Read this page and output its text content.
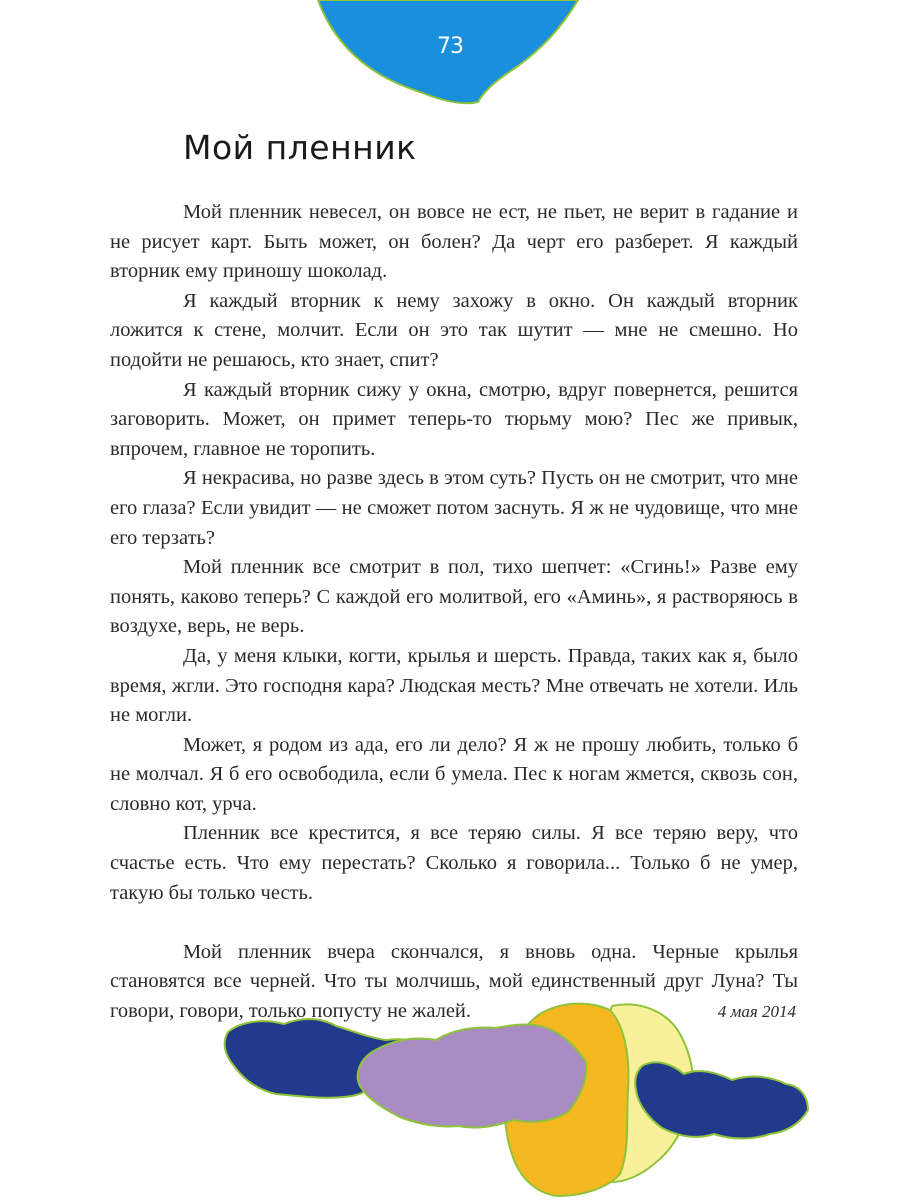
73
Мой пленник

Мой пленник невесел, он вовсе не ест, не пьет, не верит в гадание и не рисует карт. Быть может, он болен? Да черт его разберет. Я каждый вторник ему приношу шоколад.

Я каждый вторник к нему захожу в окно. Он каждый вторник ложится к стене, молчит. Если он это так шутит — мне не смешно. Но подойти не решаюсь, кто знает, спит?

Я каждый вторник сижу у окна, смотрю, вдруг повернется, решится заговорить. Может, он примет теперь-то тюрьму мою? Пес же привык, впрочем, главное не торопить.

Я некрасива, но разве здесь в этом суть? Пусть он не смотрит, что мне его глаза? Если увидит — не сможет потом заснуть. Я ж не чудовище, что мне его терзать?

Мой пленник все смотрит в пол, тихо шепчет: «Сгинь!» Разве ему понять, каково теперь? С каждой его молитвой, его «Аминь», я растворяюсь в воздухе, верь, не верь.

Да, у меня клыки, когти, крылья и шерсть. Правда, таких как я, было время, жгли. Это господня кара? Людская месть? Мне отвечать не хотели. Иль не могли.

Может, я родом из ада, его ли дело? Я ж не прошу любить, только б не молчал. Я б его освободила, если б умела. Пес к ногам жмется, сквозь сон, словно кот, урча.

Пленник все крестится, я все теряю силы. Я все теряю веру, что счастье есть. Что ему перестать? Сколько я говорила... Только б не умер, такую бы только честь.

Мой пленник вчера скончался, я вновь одна. Черные крылья становятся все черней. Что ты молчишь, мой единственный друг Луна? Ты говори, говори, только попусту не жалей.	4 мая 2014
